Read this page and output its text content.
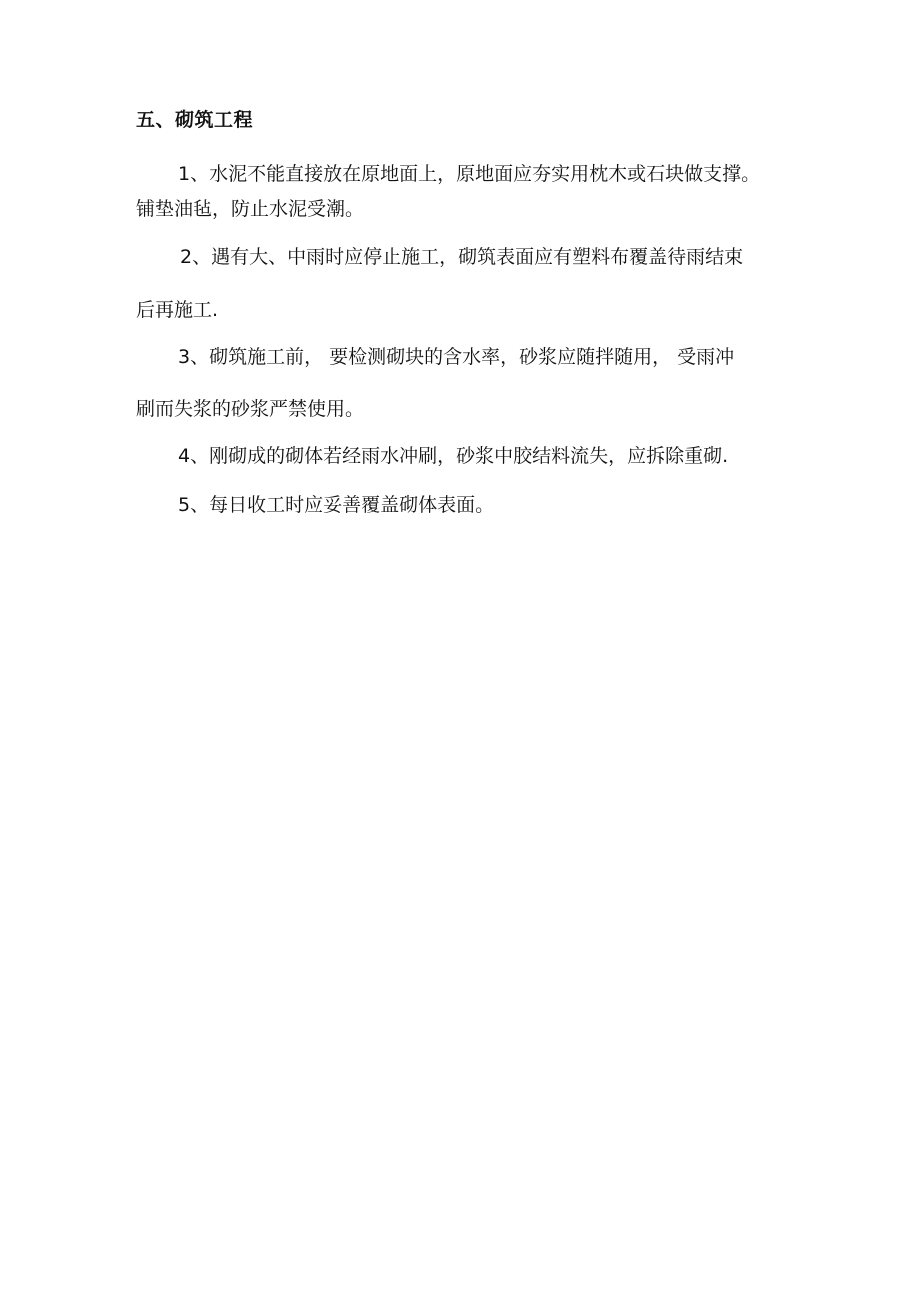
五、砌筑工程

1、水泥不能直接放在原地面上，原地面应夯实用枕木或石块做支撑。
铺垫油毡，防止水泥受潮。

2、遇有大、中雨时应停止施工，砌筑表面应有塑料布覆盖待雨结束
后再施工.

3、砌筑施工前， 要检测砌块的含水率，砂浆应随拌随用， 受雨冲
刷而失浆的砂浆严禁使用。

4、刚砌成的砌体若经雨水冲刷，砂浆中胶结料流失，应拆除重砌.

5、每日收工时应妥善覆盖砌体表面。
